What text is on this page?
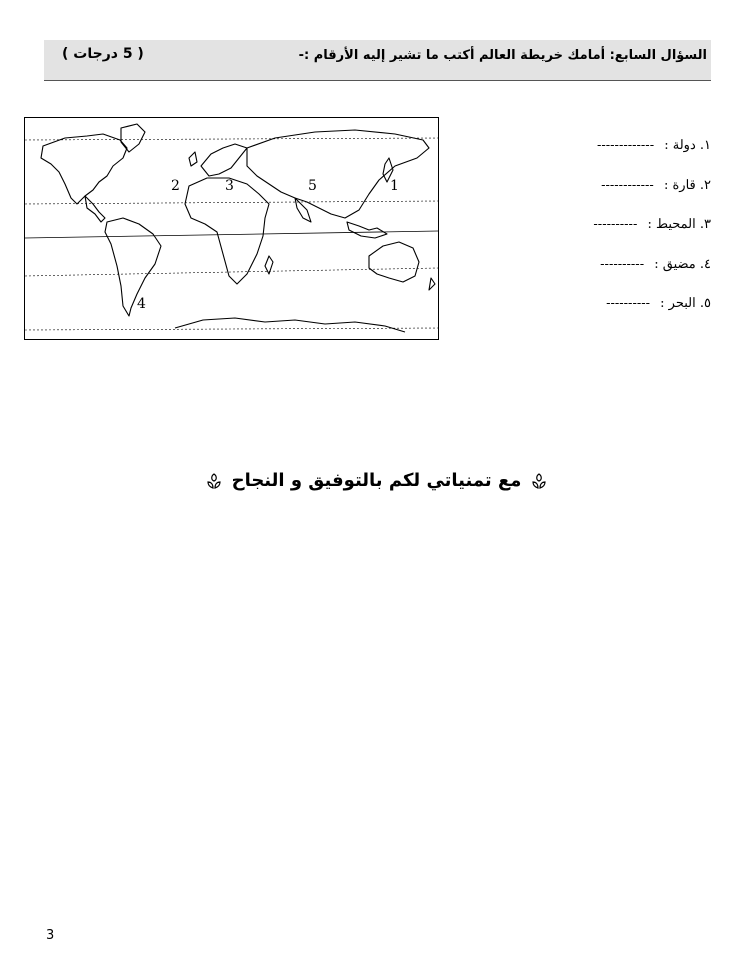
السؤال السابع: أمامك خريطة العالم أكتب ما تشير إليه الأرقام :-
( 5 درجات )
1
2	3
4
5
١. دولة : -------------
٢. قارة : ------------
٣. المحيط : ----------
٤. مضيق : ----------
٥. البحر : ----------
مع تمنياتي لكم بالتوفيق و النجاح
3
